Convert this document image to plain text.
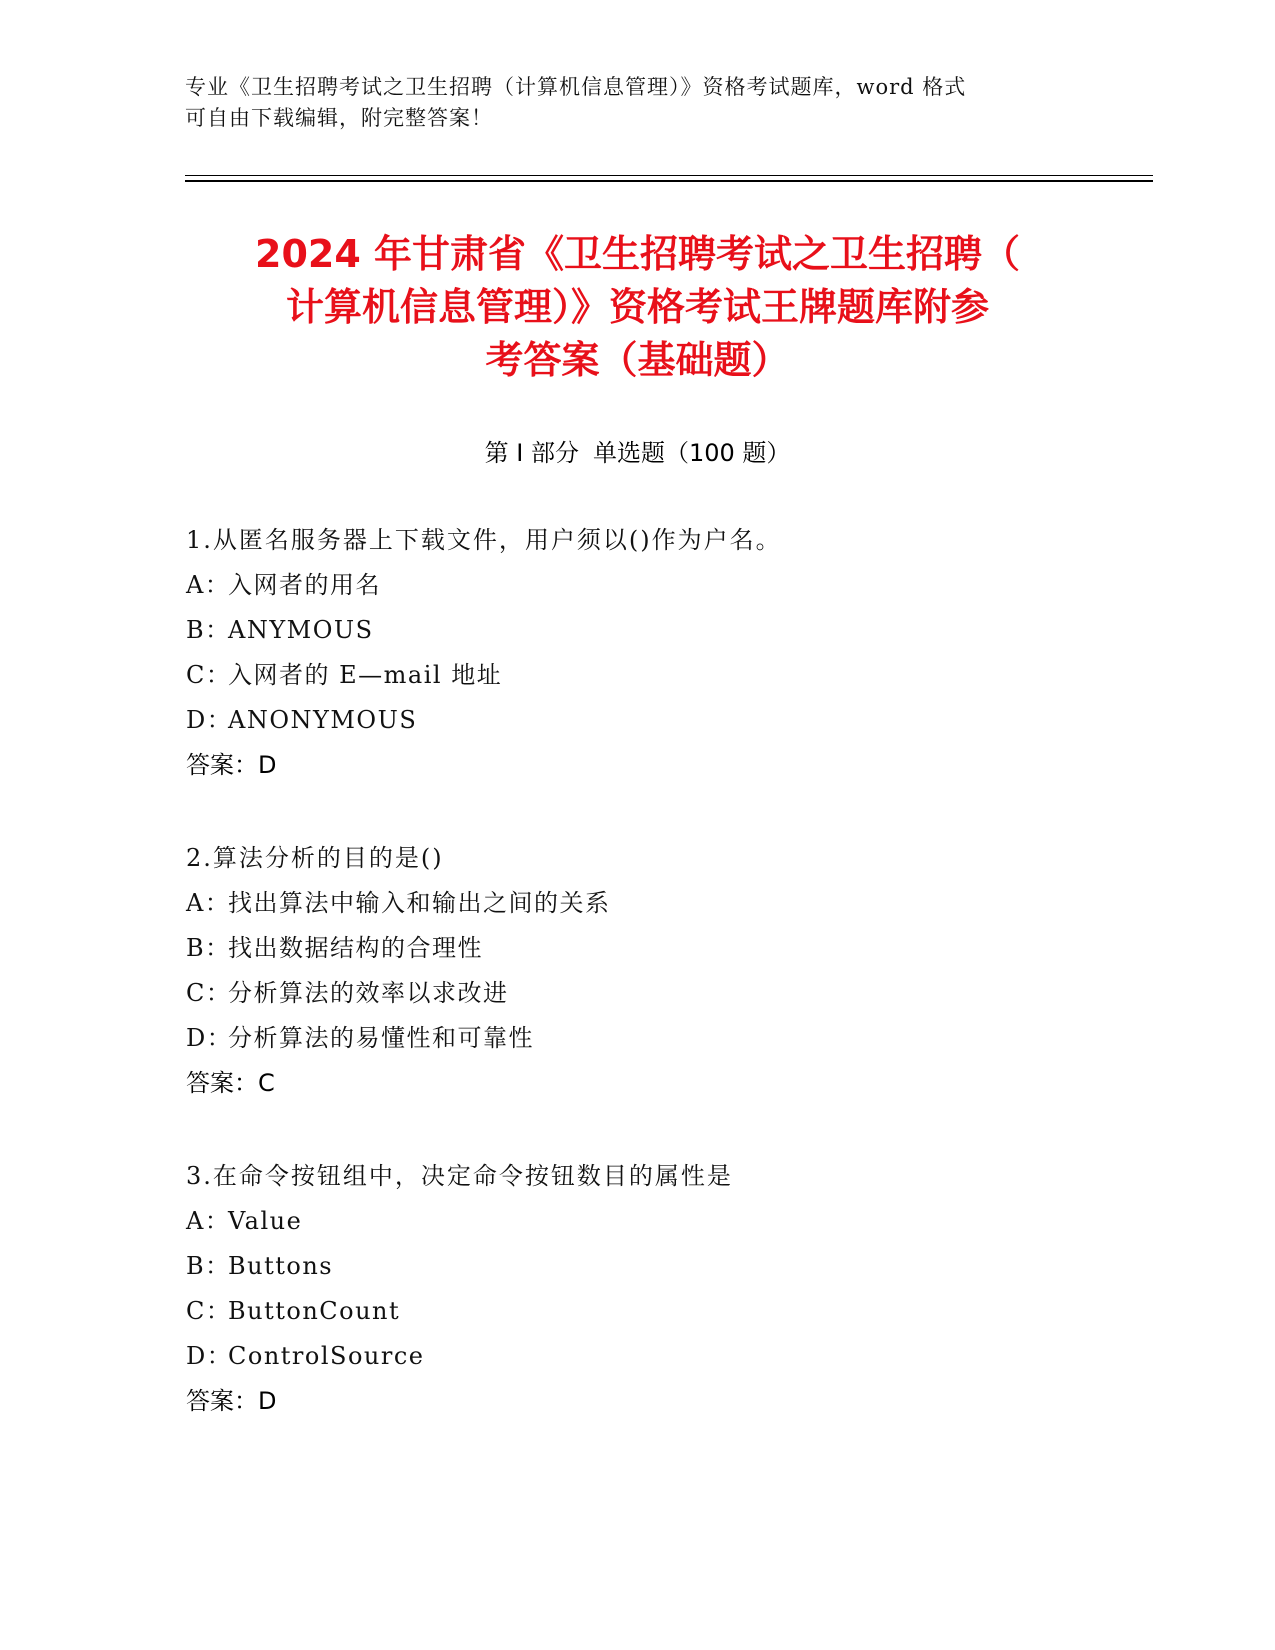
专业《卫生招聘考试之卫生招聘（计算机信息管理）》资格考试题库，word 格式

可自由下载编辑，附完整答案！

2024 年甘肃省《卫生招聘考试之卫生招聘（
计算机信息管理）》资格考试王牌题库附参
考答案（基础题）
第 I 部分 单选题（100 题）
1.从匿名服务器上下载文件，用户须以()作为户名。
A：入网者的用名
B：ANYMOUS
C：入网者的 E—mail 地址
D：ANONYMOUS
答案：D
2.算法分析的目的是()
A：找出算法中输入和输出之间的关系
B：找出数据结构的合理性
C：分析算法的效率以求改进
D：分析算法的易懂性和可靠性
答案：C
3.在命令按钮组中，决定命令按钮数目的属性是
A：Value
B：Buttons
C：ButtonCount
D：ControlSource
答案：D
